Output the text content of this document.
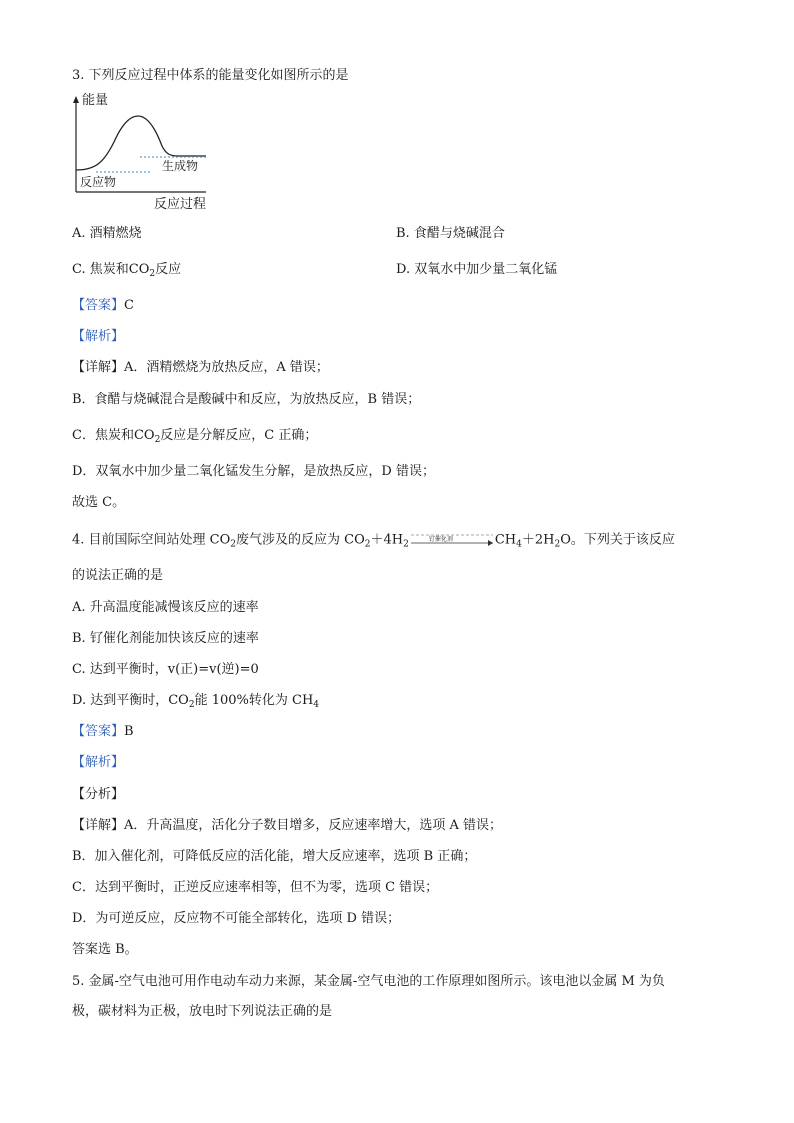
3. 下列反应过程中体系的能量变化如图所示的是
能量
生成物
反应物
反应过程
A. 酒精燃烧	B. 食醋与烧碱混合
C. 焦炭和$CO_2$反应	D. 双氧水中加少量二氧化锰
【答案】C
【解析】
【详解】A．酒精燃烧为放热反应，A 错误；
B．食醋与烧碱混合是酸碱中和反应，为放热反应，B 错误；
C．焦炭和$CO_2$反应是分解反应，C 正确；
D．双氧水中加少量二氧化锰发生分解，是放热反应，D 错误；
故选 C。
4. 目前国际空间站处理 $CO_2$废气涉及的反应为 $CO_2+4H_2$	钌催化剂	$CH_4+2H_2O$。下列关于该反应
的说法正确的是
A. 升高温度能减慢该反应的速率
B. 钌催化剂能加快该反应的速率
C. 达到平衡时，v(正)=v(逆)=0
D. 达到平衡时，$CO_2$能 100%转化为 $CH_4$
【答案】B
【解析】
【分析】
【详解】A．升高温度，活化分子数目增多，反应速率增大，选项 A 错误；
B．加入催化剂，可降低反应的活化能，增大反应速率，选项 B 正确；
C．达到平衡时，正逆反应速率相等，但不为零，选项 C 错误；
D．为可逆反应，反应物不可能全部转化，选项 D 错误；
答案选 B。
5. 金属-空气电池可用作电动车动力来源，某金属-空气电池的工作原理如图所示。该电池以金属 M 为负
极，碳材料为正极，放电时下列说法正确的是
